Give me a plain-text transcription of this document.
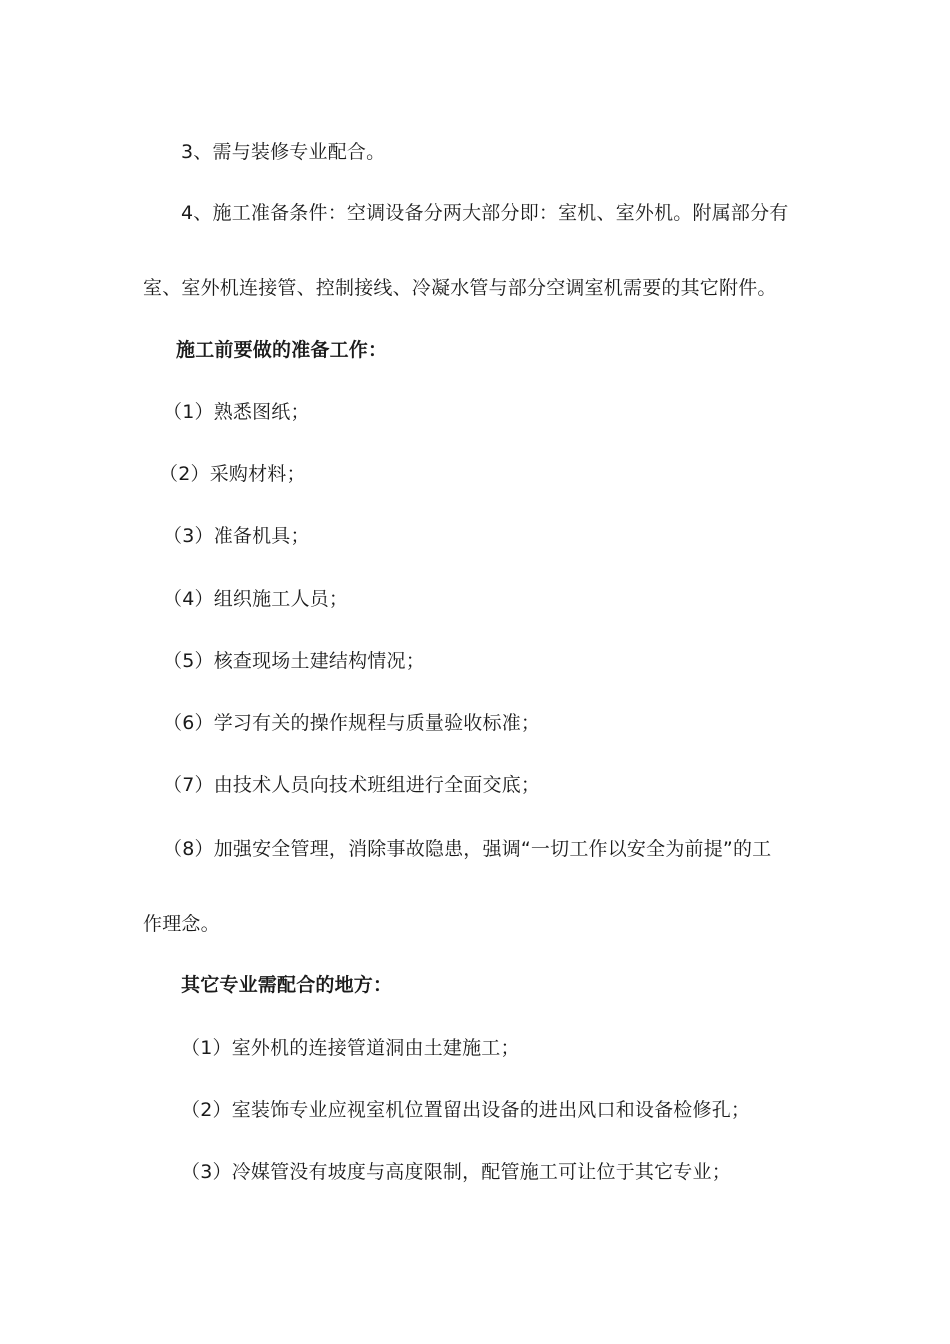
3、需与装修专业配合。
4、施工准备条件：空调设备分两大部分即：室机、室外机。附属部分有
室、室外机连接管、控制接线、冷凝水管与部分空调室机需要的其它附件。
施工前要做的准备工作：
（1）熟悉图纸；
（2）采购材料；
（3）准备机具；
（4）组织施工人员；
（5）核查现场土建结构情况；
（6）学习有关的操作规程与质量验收标准；
（7）由技术人员向技术班组进行全面交底；
（8）加强安全管理，消除事故隐患，强调“一切工作以安全为前提”的工
作理念。
其它专业需配合的地方：
（1）室外机的连接管道洞由土建施工；
（2）室装饰专业应视室机位置留出设备的进出风口和设备检修孔；
（3）冷媒管没有坡度与高度限制，配管施工可让位于其它专业；
